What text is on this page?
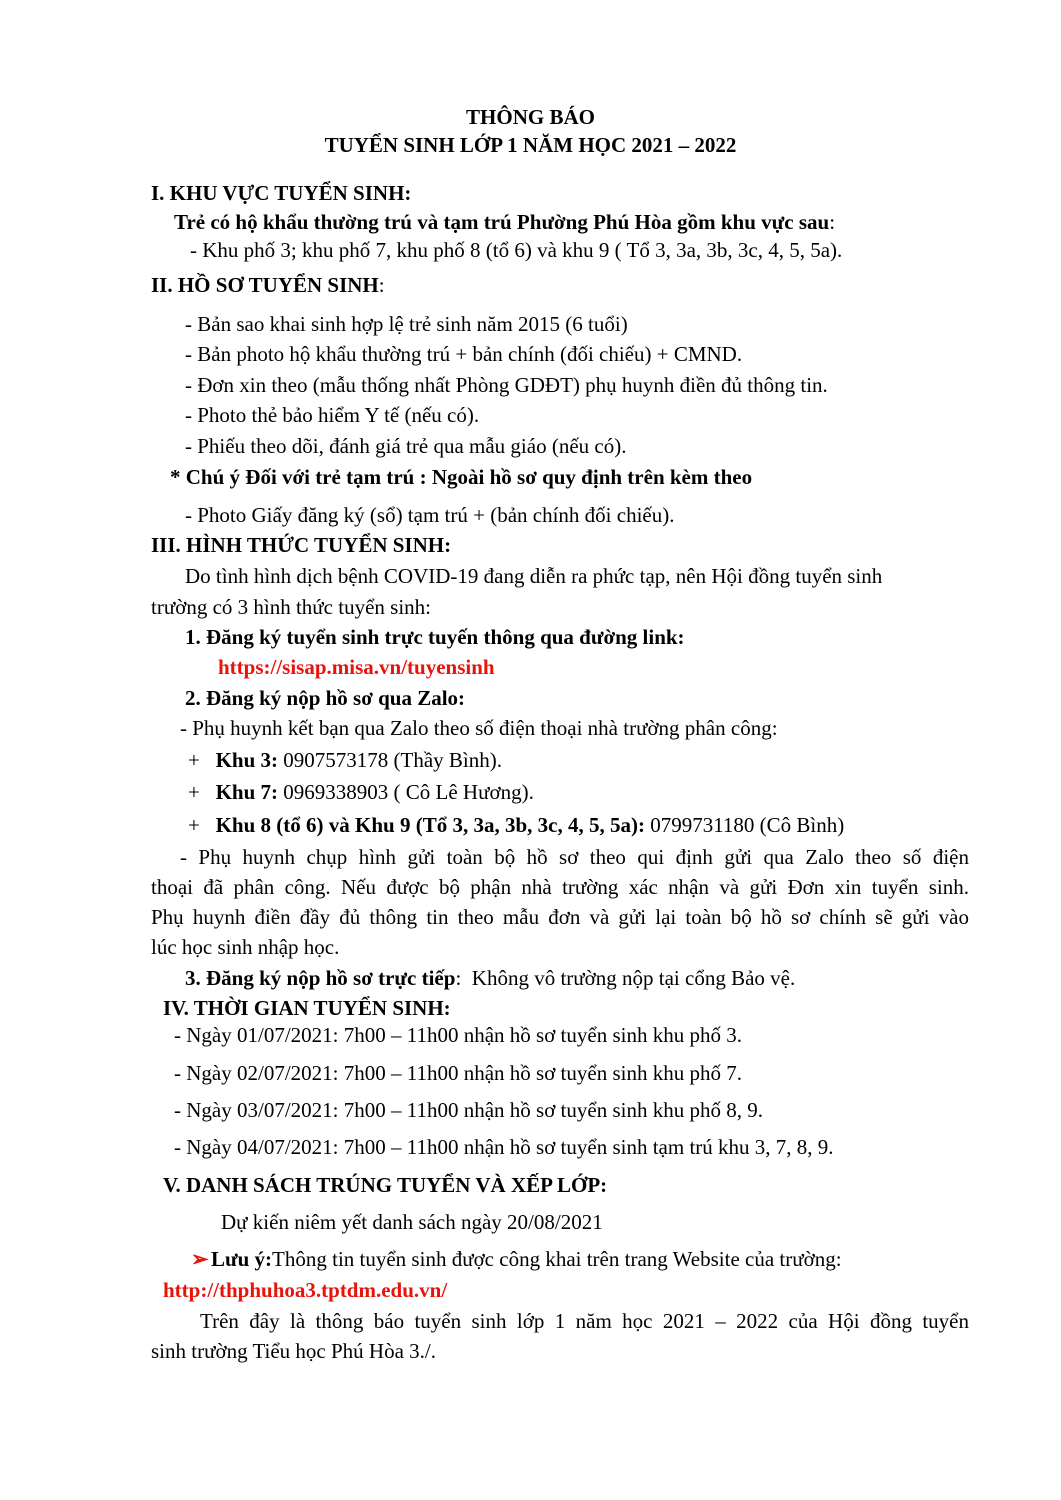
THÔNG BÁO
TUYỂN SINH LỚP 1 NĂM HỌC 2021 – 2022
I. KHU VỰC TUYỂN SINH:
Trẻ có hộ khẩu thường trú và tạm trú Phường Phú Hòa gồm khu vực sau:
- Khu phố 3; khu phố 7, khu phố 8 (tổ 6) và khu 9 ( Tổ 3, 3a, 3b, 3c, 4, 5, 5a).
II. HỒ SƠ TUYỂN SINH:
- Bản sao khai sinh hợp lệ trẻ sinh năm 2015 (6 tuổi)
- Bản photo hộ khẩu thường trú + bản chính (đối chiếu) + CMND.
- Đơn xin theo (mẫu thống nhất Phòng GDĐT) phụ huynh điền đủ thông tin.
- Photo thẻ bảo hiểm Y tế (nếu có).
- Phiếu theo dõi, đánh giá trẻ qua mẫu giáo (nếu có).
* Chú ý Đối với trẻ tạm trú : Ngoài hồ sơ quy định trên kèm theo
- Photo Giấy đăng ký (sổ) tạm trú + (bản chính đối chiếu).
III. HÌNH THỨC TUYỂN SINH:
Do tình hình dịch bệnh COVID-19 đang diễn ra phức tạp, nên Hội đồng tuyển sinh
trường có 3 hình thức tuyển sinh:
1. Đăng ký tuyển sinh trực tuyến thông qua đường link:
https://sisap.misa.vn/tuyensinh
2. Đăng ký nộp hồ sơ qua Zalo:
- Phụ huynh kết bạn qua Zalo theo số điện thoại nhà trường phân công:
+   Khu 3: 0907573178 (Thầy Bình).
+   Khu 7: 0969338903 ( Cô Lê Hương).
+   Khu 8 (tổ 6) và Khu 9 (Tổ 3, 3a, 3b, 3c, 4, 5, 5a): 0799731180 (Cô Bình)
- Phụ huynh chụp hình gửi toàn bộ hồ sơ theo qui định gửi qua Zalo theo số điện
thoại đã phân công. Nếu được bộ phận nhà trường xác nhận và gửi Đơn xin tuyển sinh.
Phụ huynh điền đầy đủ thông tin theo mẫu đơn và gửi lại toàn bộ hồ sơ chính sẽ gửi vào
lúc học sinh nhập học.
3. Đăng ký nộp hồ sơ trực tiếp:  Không vô trường nộp tại cổng Bảo vệ.
IV. THỜI GIAN TUYỂN SINH:
- Ngày 01/07/2021: 7h00 – 11h00 nhận hồ sơ tuyển sinh khu phố 3.
- Ngày 02/07/2021: 7h00 – 11h00 nhận hồ sơ tuyển sinh khu phố 7.
- Ngày 03/07/2021: 7h00 – 11h00 nhận hồ sơ tuyển sinh khu phố 8, 9.
- Ngày 04/07/2021: 7h00 – 11h00 nhận hồ sơ tuyển sinh tạm trú khu 3, 7, 8, 9.
V. DANH SÁCH TRÚNG TUYỂN VÀ XẾP LỚP:
Dự kiến niêm yết danh sách ngày 20/08/2021
➢ Lưu ý:Thông tin tuyển sinh được công khai trên trang Website của trường:
http://thphuhoa3.tptdm.edu.vn/
Trên đây là thông báo tuyển sinh lớp 1 năm học 2021 – 2022 của Hội đồng tuyển
sinh trường Tiểu học Phú Hòa 3./.
